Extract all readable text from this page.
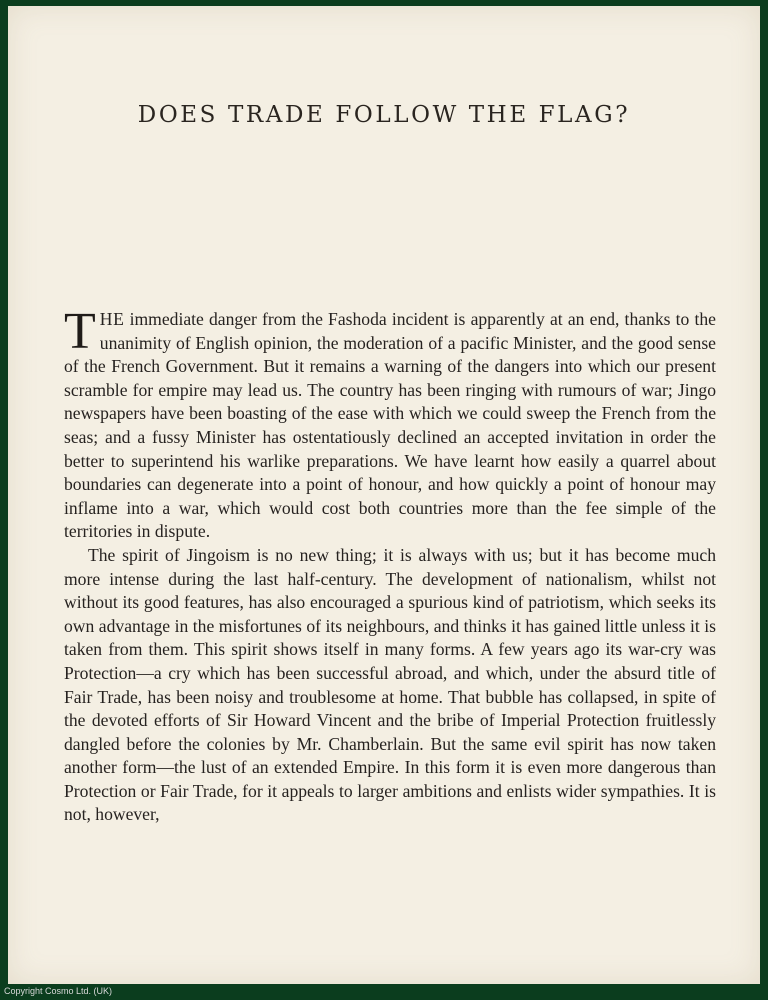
DOES TRADE FOLLOW THE FLAG?

THE immediate danger from the Fashoda incident is apparently at an end, thanks to the unanimity of English opinion, the moderation of a pacific Minister, and the good sense of the French Government. But it remains a warning of the dangers into which our present scramble for empire may lead us. The country has been ringing with rumours of war; Jingo newspapers have been boasting of the ease with which we could sweep the French from the seas; and a fussy Minister has ostentatiously declined an accepted invitation in order the better to superintend his warlike preparations. We have learnt how easily a quarrel about boundaries can degenerate into a point of honour, and how quickly a point of honour may inflame into a war, which would cost both countries more than the fee simple of the territories in dispute.

The spirit of Jingoism is no new thing; it is always with us; but it has become much more intense during the last half-century. The development of nationalism, whilst not without its good features, has also encouraged a spurious kind of patriotism, which seeks its own advantage in the misfortunes of its neighbours, and thinks it has gained little unless it is taken from them. This spirit shows itself in many forms. A few years ago its war-cry was Protection—a cry which has been successful abroad, and which, under the absurd title of Fair Trade, has been noisy and troublesome at home. That bubble has collapsed, in spite of the devoted efforts of Sir Howard Vincent and the bribe of Imperial Protection fruitlessly dangled before the colonies by Mr. Chamberlain. But the same evil spirit has now taken another form—the lust of an extended Empire. In this form it is even more dangerous than Protection or Fair Trade, for it appeals to larger ambitions and enlists wider sympathies. It is not, however,

Copyright Cosmo Ltd. (UK)
